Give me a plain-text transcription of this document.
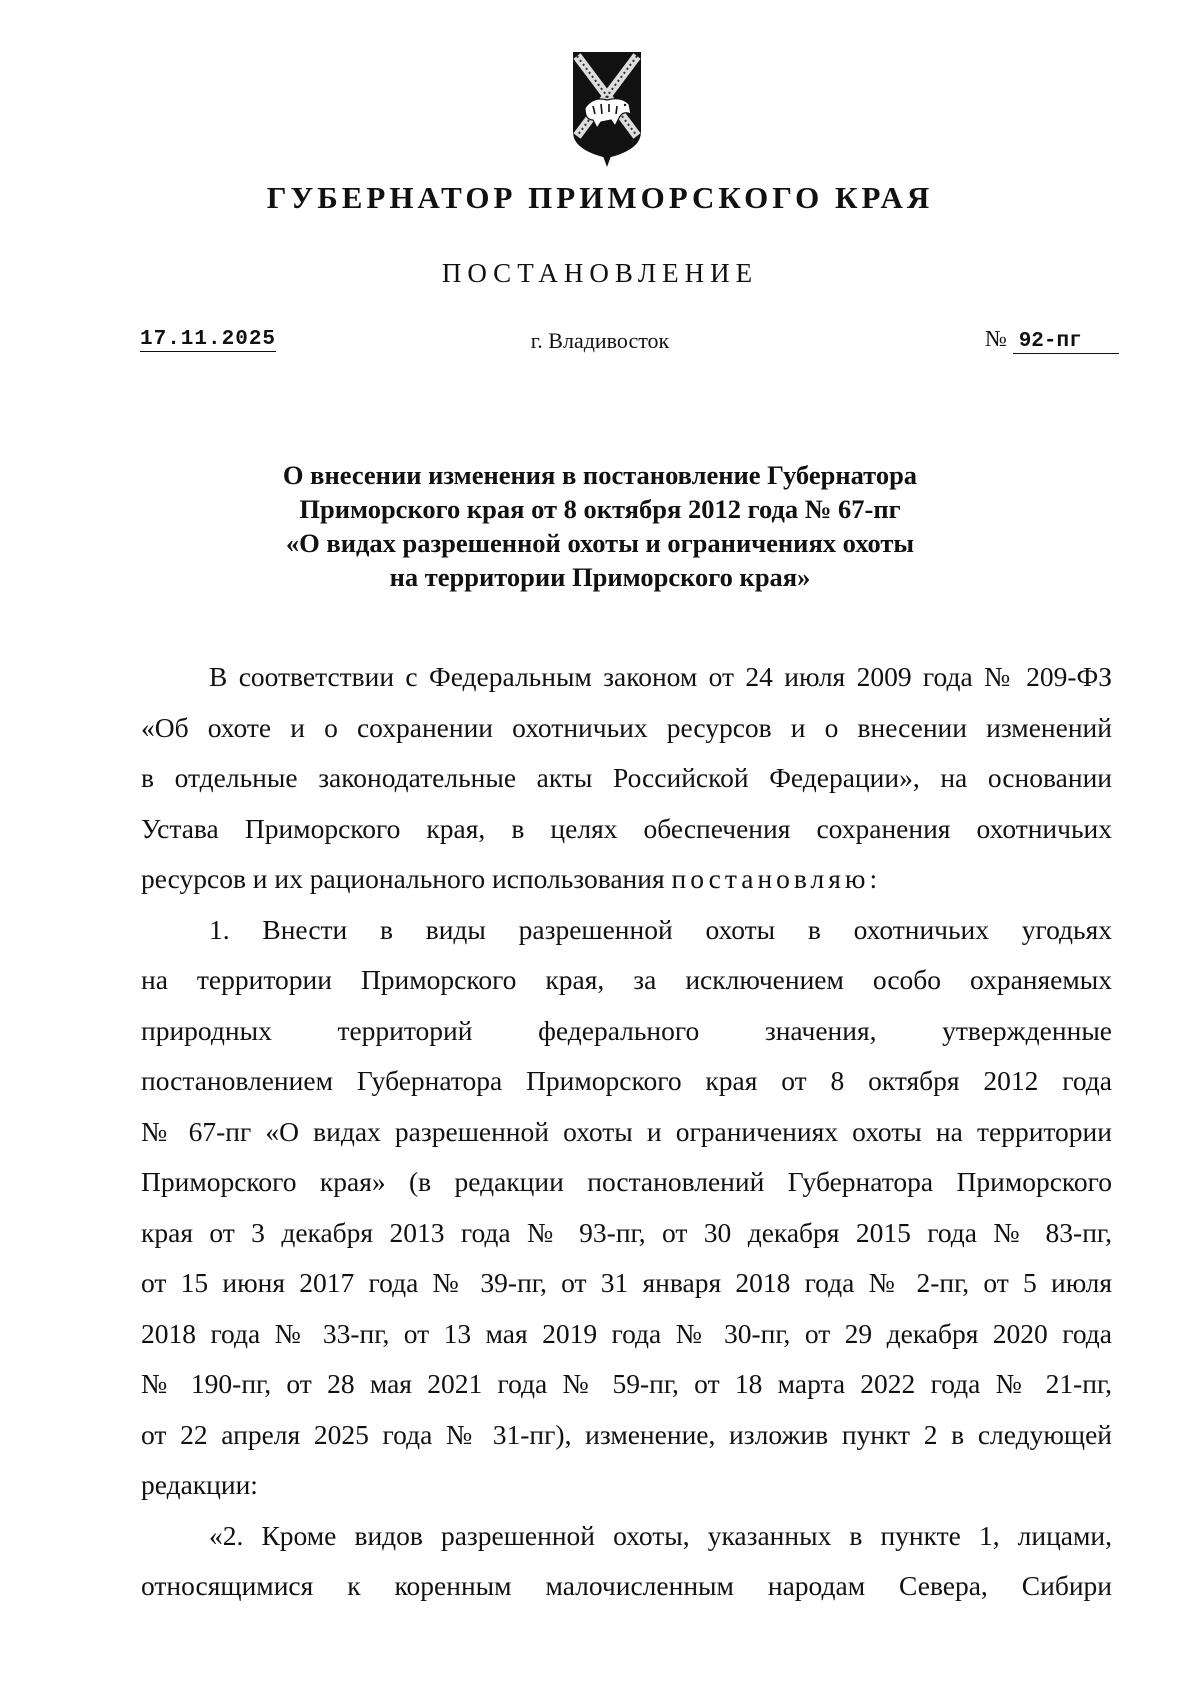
ГУБЕРНАТОР ПРИМОРСКОГО КРАЯ
ПОСТАНОВЛЕНИЕ
17.11.2025	г. Владивосток	№ 92-пг
О внесении изменения в постановление Губернатора
Приморского края от 8 октября 2012 года № 67-пг
«О видах разрешенной охоты и ограничениях охоты
на территории Приморского края»
В соответствии с Федеральным законом от 24 июля 2009 года № 209-ФЗ
«Об охоте и о сохранении охотничьих ресурсов и о внесении изменений
в отдельные законодательные акты Российской Федерации», на основании
Устава Приморского края, в целях обеспечения сохранения охотничьих
ресурсов и их рационального использования постановляю:
1. Внести в виды разрешенной охоты в охотничьих угодьях
на территории Приморского края, за исключением особо охраняемых
природных территорий федерального значения, утвержденные
постановлением Губернатора Приморского края от 8 октября 2012 года
№ 67-пг «О видах разрешенной охоты и ограничениях охоты на территории
Приморского края» (в редакции постановлений Губернатора Приморского
края от 3 декабря 2013 года № 93-пг, от 30 декабря 2015 года № 83-пг,
от 15 июня 2017 года № 39-пг, от 31 января 2018 года № 2-пг, от 5 июля
2018 года № 33-пг, от 13 мая 2019 года № 30-пг, от 29 декабря 2020 года
№ 190-пг, от 28 мая 2021 года № 59-пг, от 18 марта 2022 года № 21-пг,
от 22 апреля 2025 года № 31-пг), изменение, изложив пункт 2 в следующей
редакции:
«2. Кроме видов разрешенной охоты, указанных в пункте 1, лицами,
относящимися к коренным малочисленным народам Севера, Сибири
